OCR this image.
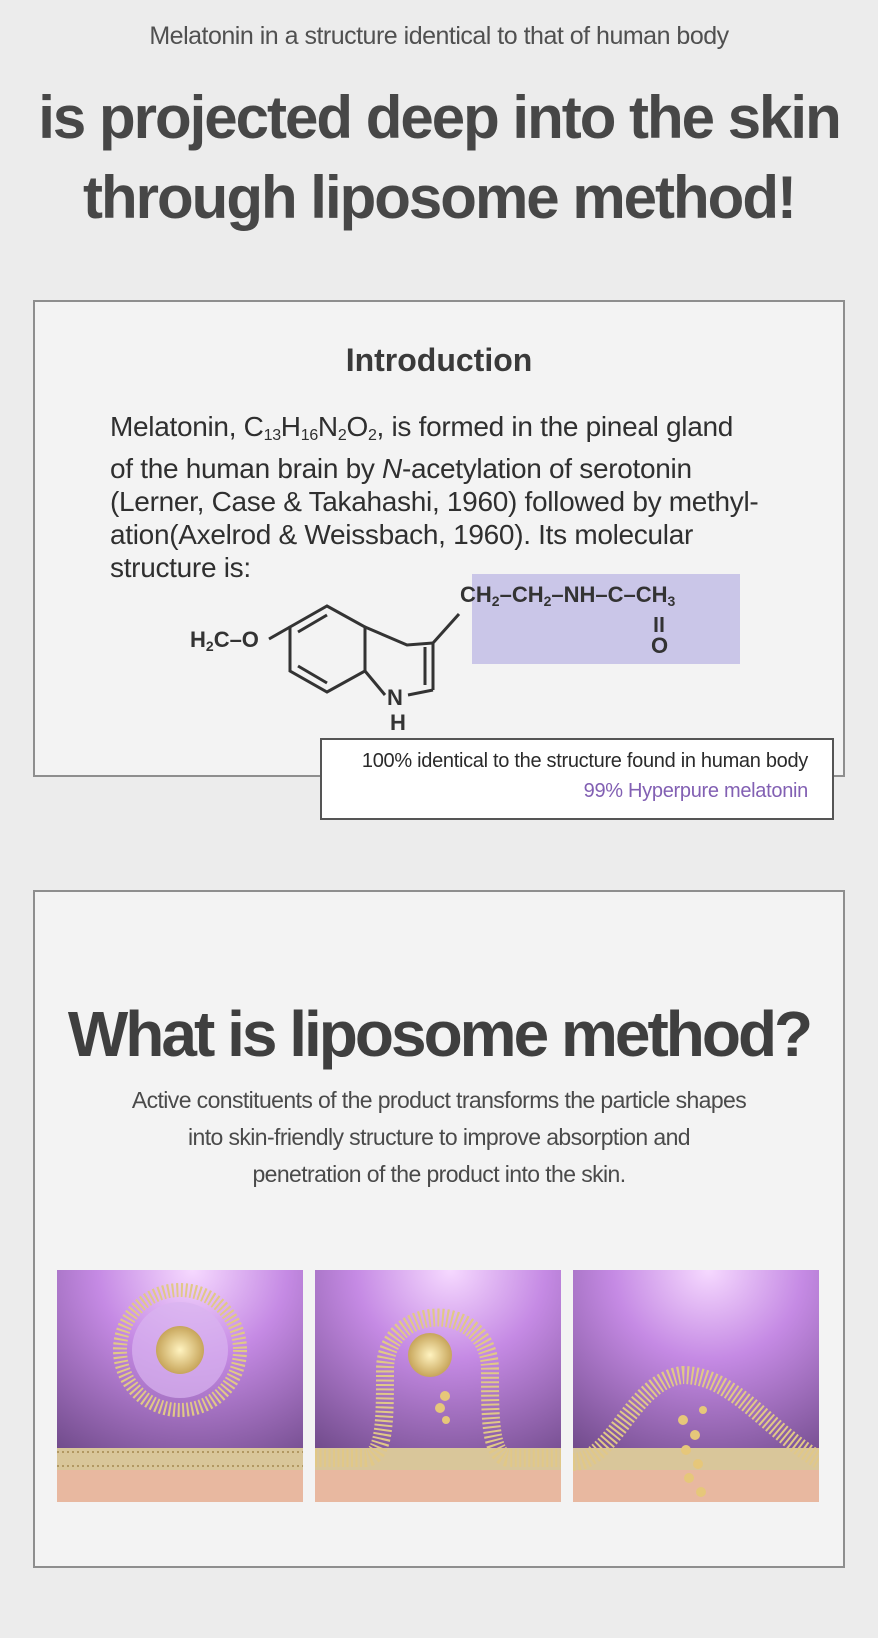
Melatonin in a structure identical to that of human body
is projected deep into the skin
through liposome method!
Introduction
Melatonin, $C_{13}H_{16}N_2O_2$, is formed in the pineal gland
of the human brain by N-acetylation of serotonin
(Lerner, Case & Takahashi, 1960) followed by methyl-
ation(Axelrod & Weissbach, 1960). Its molecular
structure is:
H2C–O
N
H
CH2–CH2–NH–C–CH3
O
100% identical to the structure found in human body
99% Hyperpure melatonin
What is liposome method?
Active constituents of the product transforms the particle shapes
into skin-friendly structure to improve absorption and
penetration of the product into the skin.
